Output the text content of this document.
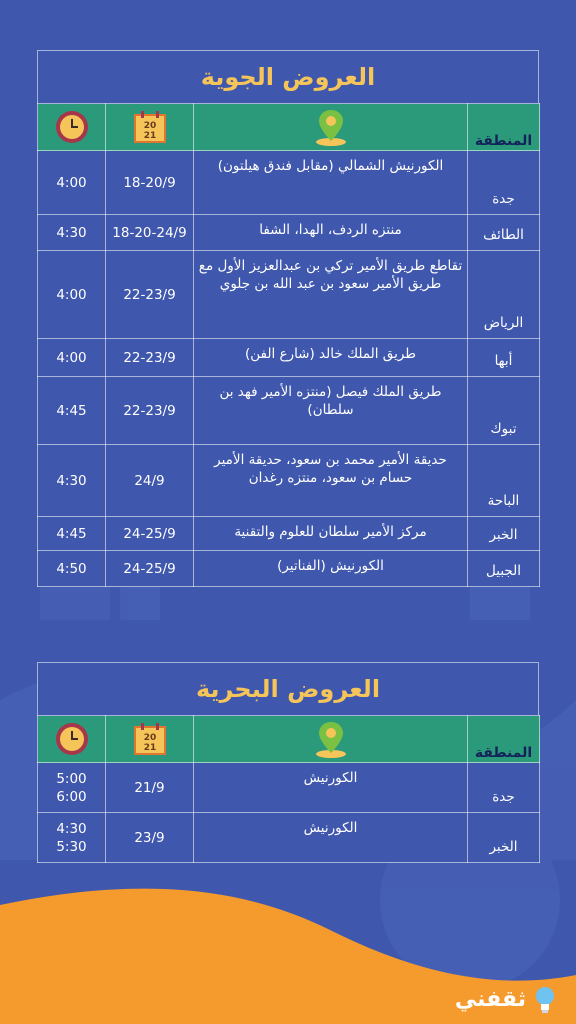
العروض الجوية

20
21		المنطقة
4:00	18-20/9	الكورنيش الشمالي (مقابل فندق هيلتون)	جدة
4:30	18-20-24/9	منتزه الردف، الهدا، الشفا	الطائف
4:00	22-23/9	تقاطع طريق الأمير تركي بن عبدالعزيز الأول مع طريق الأمير سعود بن عبد الله بن جلوي	الرياض
4:00	22-23/9	طريق الملك خالد (شارع الفن)	أبها
4:45	22-23/9	طريق الملك فيصل (منتزه الأمير فهد بن سلطان)	تبوك
4:30	24/9	حديقة الأمير محمد بن سعود، حديقة الأمير حسام بن سعود، منتزه رغدان	الباحة
4:45	24-25/9	مركز الأمير سلطان للعلوم والتقنية	الخبر
4:50	24-25/9	الكورنيش (الفناتير)	الجبيل
العروض البحرية

20
21		المنطقة

5:00
6:00	21/9	الكورنيش	جدة

4:30
5:30	23/9	الكورنيش	الخبر
ثقفني
